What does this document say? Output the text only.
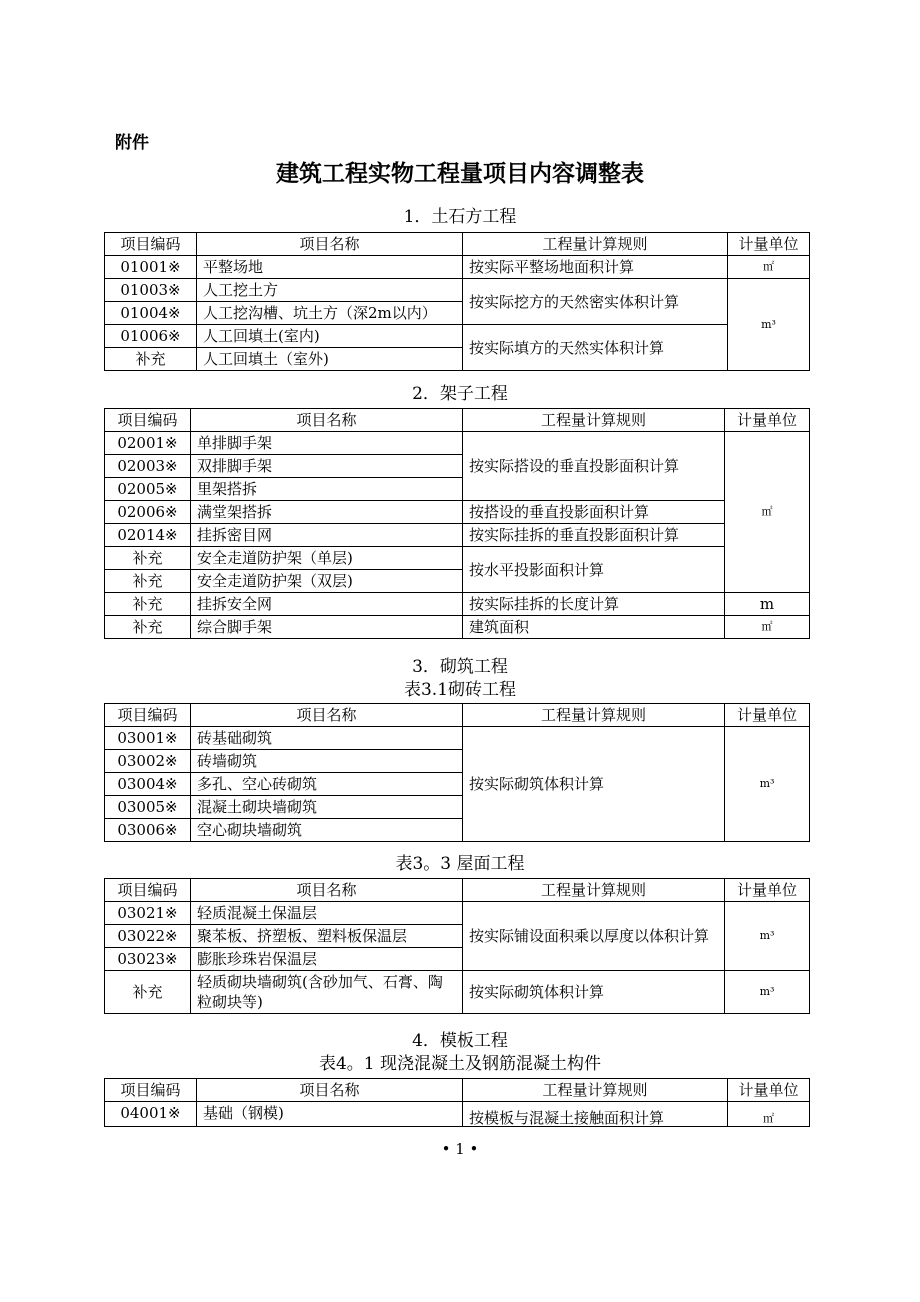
附件
建筑工程实物工程量项目内容调整表
1．土石方工程
项目编码	项目名称	工程量计算规则	计量单位
01001※	平整场地	按实际平整场地面积计算	㎡
01003※	人工挖土方	按实际挖方的天然密实体积计算	m³
01004※	人工挖沟槽、坑土方（深2m以内）		
01006※	人工回填土(室内)	按实际填方的天然实体积计算	
补充	人工回填土（室外)		
2．架子工程
项目编码	项目名称	工程量计算规则	计量单位
02001※	单排脚手架	按实际搭设的垂直投影面积计算	㎡
02003※	双排脚手架		
02005※	里架搭拆		
02006※	满堂架搭拆	按搭设的垂直投影面积计算	
02014※	挂拆密目网	按实际挂拆的垂直投影面积计算	
补充	安全走道防护架（单层)	按水平投影面积计算	
补充	安全走道防护架（双层)		
补充	挂拆安全网	按实际挂拆的长度计算	m
补充	综合脚手架	建筑面积	㎡
3．砌筑工程
表3.1砌砖工程
项目编码	项目名称	工程量计算规则	计量单位
03001※	砖基础砌筑	按实际砌筑体积计算	m³
03002※	砖墙砌筑		
03004※	多孔、空心砖砌筑		
03005※	混凝土砌块墙砌筑		
03006※	空心砌块墙砌筑		
表3。3 屋面工程
项目编码	项目名称	工程量计算规则	计量单位
03021※	轻质混凝土保温层	按实际铺设面积乘以厚度以体积计算	m³
03022※	聚苯板、挤塑板、塑料板保温层		
03023※	膨胀珍珠岩保温层		
补充	轻质砌块墙砌筑(含砂加气、石膏、陶粒砌块等)	按实际砌筑体积计算	m³
4．模板工程
表4。1 现浇混凝土及钢筋混凝土构件
项目编码	项目名称	工程量计算规则	计量单位
04001※	基础（钢模)	按模板与混凝土接触面积计算	㎡
• 1 •
